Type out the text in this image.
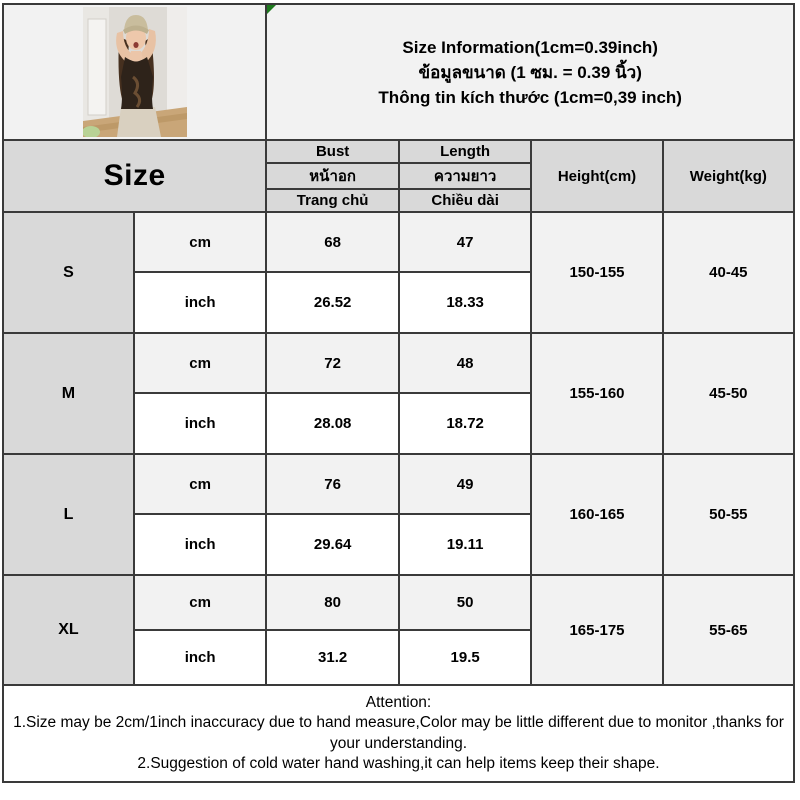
Size Information(1cm=0.39inch)
ข้อมูลขนาด (1 ซม. = 0.39 นิ้ว)
Thông tin kích thước (1cm=0,39 inch)			

Size		Bust	Length	Height(cm)	Weight(kg)
		หน้าอก	ความยาว		
		Trang chủ	Chiều dài		
S	cm	68	47	150-155	40-45
	inch	26.52	18.33		
M	cm	72	48	155-160	45-50
	inch	28.08	18.72		
L	cm	76	49	160-165	50-55
	inch	29.64	19.11		
XL	cm	80	50	165-175	55-65
	inch	31.2	19.5		

Attention:
1.Size may be 2cm/1inch inaccuracy due to hand measure,Color may be little different due to monitor ,thanks for your understanding.
2.Suggestion of cold water hand washing,it can help items keep their shape.					
